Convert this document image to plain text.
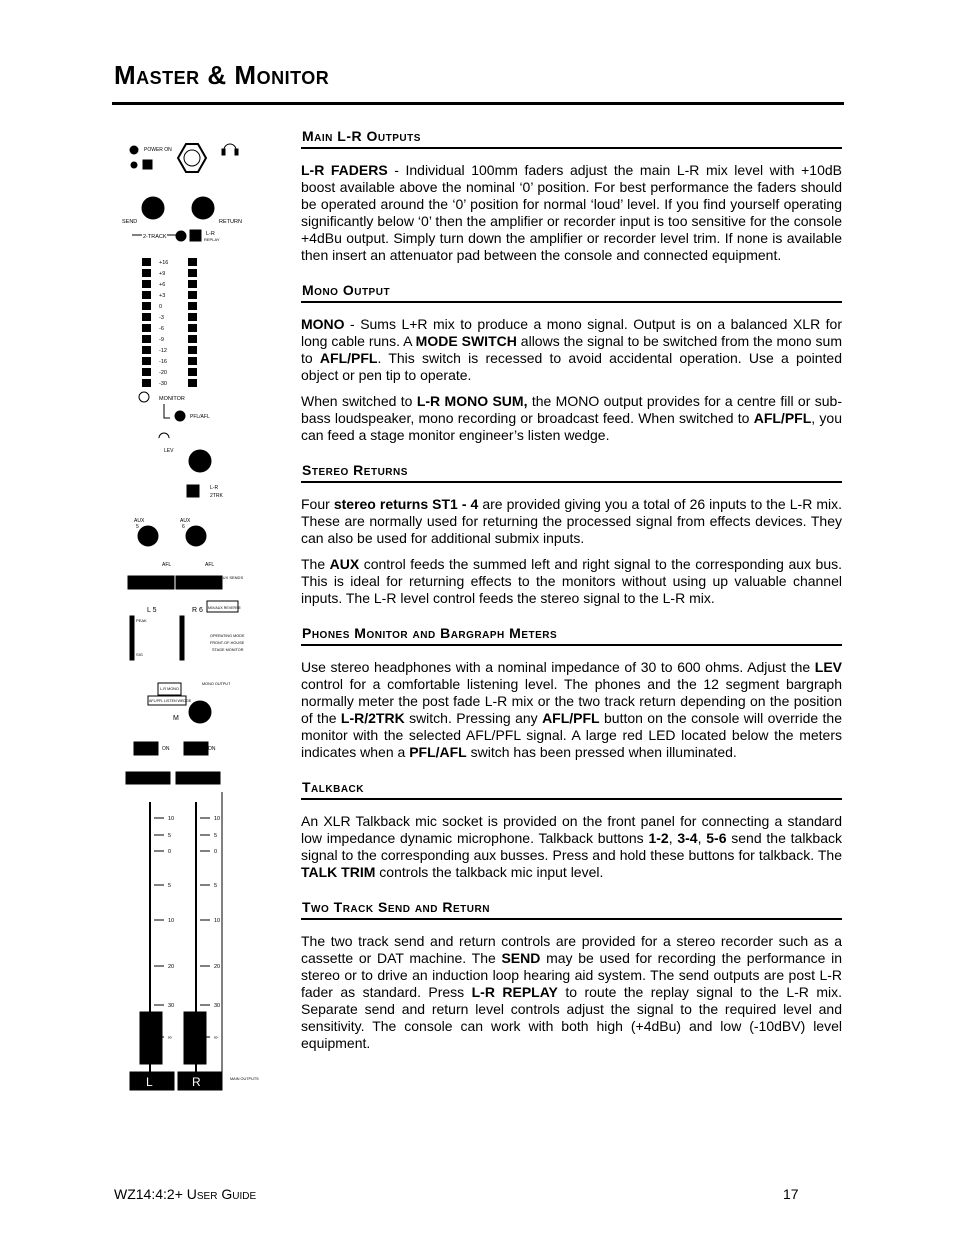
Master & Monitor
POWER ON
SEND	RETURN
2-TRACK	L-R
REPLAY
+16
+9
+6
+3
0
-3
-6
-9
-12
-16
-20
-30
MONITOR
PFL/AFL
LEV
L-R
2TRK
AUX
5
AUX
6
AFL	AFL
AUX SENDS
L 5	R 6
PEAK
SIG
MIX/AUX REVERSE
OPERATING MODE
FRONT-OF-HOUSE
STAGE MONITOR
MONO OUTPUT
L-R MONO
AFL/PFL LISTEN WEDGE
M
ON	ON
10	10
5	5
0	0
5	5
10	10
20	20
30	30
∞	∞
MAIN OUTPUTS
L	R
Main L-R Outputs

L-R FADERS - Individual 100mm faders adjust the main L-R mix level with +10dB boost available above the nominal ‘0’ position. For best performance the faders should be operated around the ‘0’ position for normal ‘loud’ level. If you find yourself operating significantly below ‘0’ then the amplifier or recorder input is too sensitive for the console +4dBu output. Simply turn down the amplifier or recorder level trim. If none is available then insert an attenuator pad between the console and connected equipment.

Mono Output

MONO - Sums L+R mix to produce a mono signal. Output is on a balanced XLR for long cable runs. A MODE SWITCH allows the signal to be switched from the mono sum to AFL/PFL. This switch is recessed to avoid accidental operation. Use a pointed object or pen tip to operate.

When switched to L-R MONO SUM, the MONO output provides for a centre fill or sub-bass loudspeaker, mono recording or broadcast feed. When switched to AFL/PFL, you can feed a stage monitor engineer’s listen wedge.

Stereo Returns

Four stereo returns ST1 - 4 are provided giving you a total of 26 inputs to the L-R mix. These are normally used for returning the processed signal from effects devices. They can also be used for additional submix inputs.

The AUX control feeds the summed left and right signal to the corresponding aux bus. This is ideal for returning effects to the monitors without using up valuable channel inputs. The L-R level control feeds the stereo signal to the L-R mix.

Phones Monitor and Bargraph Meters

Use stereo headphones with a nominal impedance of 30 to 600 ohms. Adjust the LEV control for a comfortable listening level. The phones and the 12 segment bargraph normally meter the post fade L-R mix or the two track return depending on the position of the L-R/2TRK switch. Pressing any AFL/PFL button on the console will override the monitor with the selected AFL/PFL signal. A large red LED located below the meters indicates when a PFL/AFL switch has been pressed when illuminated.

Talkback

An XLR Talkback mic socket is provided on the front panel for connecting a standard low impedance dynamic microphone. Talkback buttons 1-2, 3-4, 5-6 send the talkback signal to the corresponding aux busses. Press and hold these buttons for talkback. The TALK TRIM controls the talkback mic input level.

Two Track Send and Return

The two track send and return controls are provided for a stereo recorder such as a cassette or DAT machine. The SEND may be used for recording the performance in stereo or to drive an induction loop hearing aid system. The send outputs are post L-R fader as standard. Press L-R REPLAY to route the replay signal to the L-R mix. Separate send and return level controls adjust the signal to the required level and sensitivity. The console can work with both high (+4dBu) and low (-10dBV) level equipment.

WZ14:4:2+ User Guide	17
